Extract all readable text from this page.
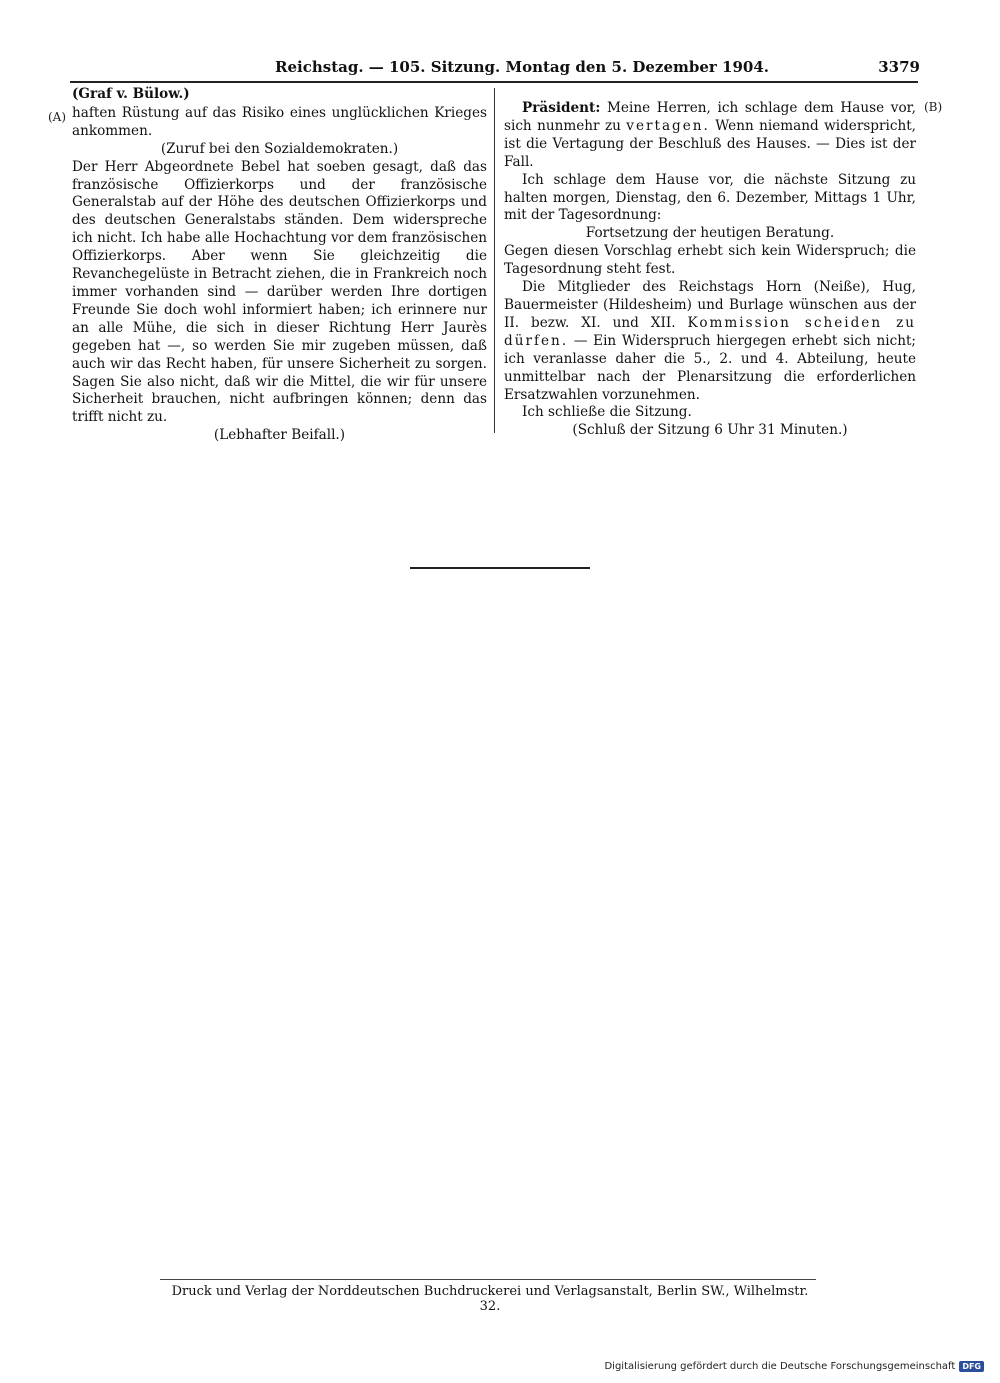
Reichstag. — 105. Sitzung. Montag den 5. Dezember 1904.	3379
(A)
(B)

(Graf v. Bülow.)

haften Rüstung auf das Risiko eines unglücklichen Krieges ankommen.

(Zuruf bei den Sozialdemokraten.)

Der Herr Abgeordnete Bebel hat soeben gesagt, daß das französische Offizierkorps und der französische Generalstab auf der Höhe des deutschen Offizierkorps und des deutschen Generalstabs ständen. Dem widerspreche ich nicht. Ich habe alle Hochachtung vor dem französischen Offizierkorps. Aber wenn Sie gleichzeitig die Revanchegelüste in Betracht ziehen, die in Frankreich noch immer vorhanden sind — darüber werden Ihre dortigen Freunde Sie doch wohl informiert haben; ich erinnere nur an alle Mühe, die sich in dieser Richtung Herr Jaurès gegeben hat —, so werden Sie mir zugeben müssen, daß auch wir das Recht haben, für unsere Sicherheit zu sorgen. Sagen Sie also nicht, daß wir die Mittel, die wir für unsere Sicherheit brauchen, nicht aufbringen können; denn das trifft nicht zu.

(Lebhafter Beifall.)

Präsident: Meine Herren, ich schlage dem Hause vor, sich nunmehr zu vertagen. Wenn niemand widerspricht, ist die Vertagung der Beschluß des Hauses. — Dies ist der Fall.

Ich schlage dem Hause vor, die nächste Sitzung zu halten morgen, Dienstag, den 6. Dezember, Mittags 1 Uhr, mit der Tagesordnung:

Fortsetzung der heutigen Beratung.

Gegen diesen Vorschlag erhebt sich kein Widerspruch; die Tagesordnung steht fest.

Die Mitglieder des Reichstags Horn (Neiße), Hug, Bauermeister (Hildesheim) und Burlage wünschen aus der II. bezw. XI. und XII. Kommission scheiden zu dürfen. — Ein Widerspruch hiergegen erhebt sich nicht; ich veranlasse daher die 5., 2. und 4. Abteilung, heute unmittelbar nach der Plenarsitzung die erforderlichen Ersatzwahlen vorzunehmen.

Ich schließe die Sitzung.

(Schluß der Sitzung 6 Uhr 31 Minuten.)

Druck und Verlag der Norddeutschen Buchdruckerei und Verlagsanstalt, Berlin SW., Wilhelmstr. 32.
Digitalisierung gefördert durch die Deutsche Forschungsgemeinschaft DFG
